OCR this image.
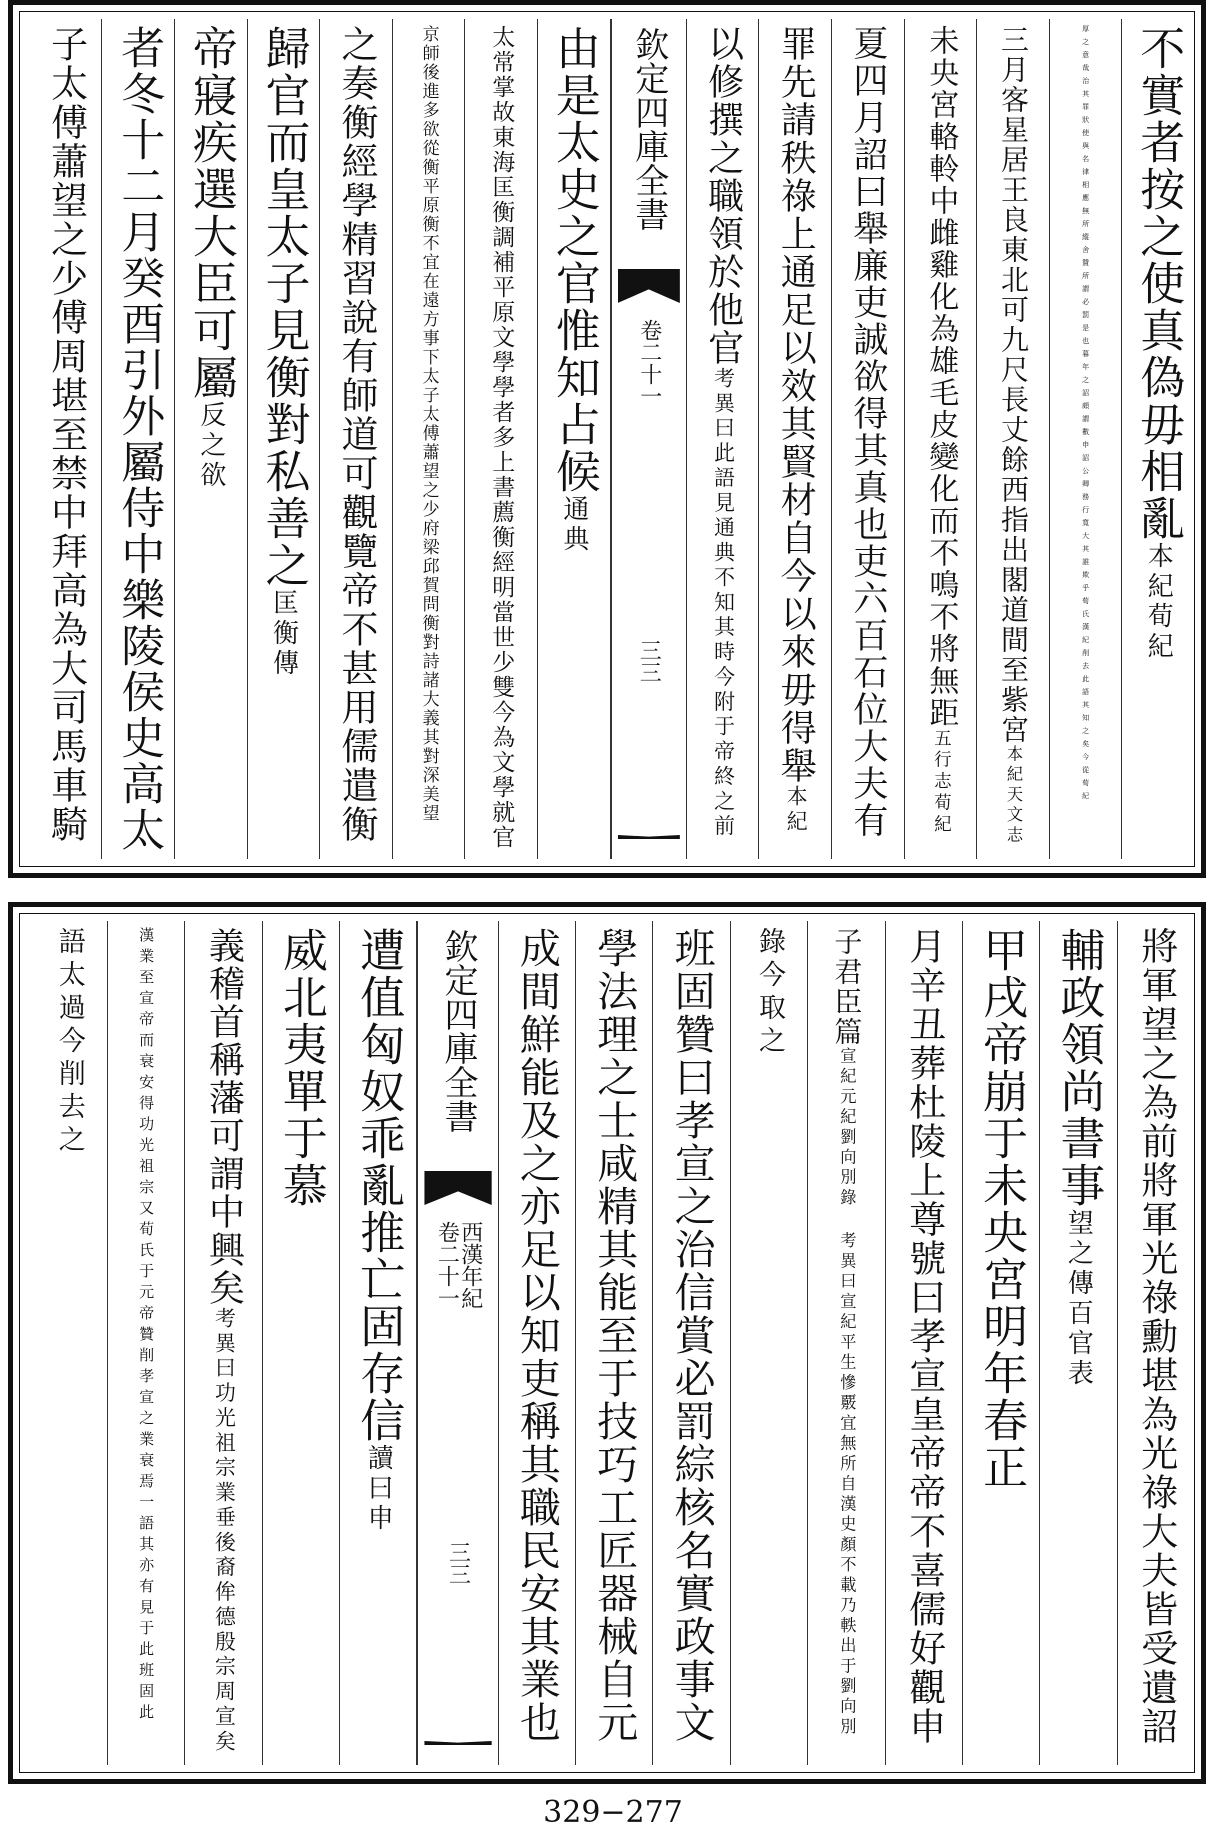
不實者按之使真偽毋相亂本紀荀紀
厚之意哉治其罪狀使與名律相應無所縱舍贊所謂必罰是也暮年之詔頗謂數申詔公卿務行寬大其誰欺乎荀氏漢紀削去此語其知之矣今從荀紀
三月客星居王良東北可九尺長丈餘西指出閣道間至紫宮本紀天文志
未央宮輅軨中雌雞化為雄毛皮變化而不鳴不將無距五行志荀紀
夏四月詔曰舉廉吏誠欲得其真也吏六百石位大夫有
罪先請秩祿上通足以效其賢材自今以來毋得舉本紀
以修撰之職領於他官考異曰此語見通典不知其時今附于帝終之前
欽定四庫全書
卷二十一
三三
由是太史之官惟知占候通典
太常掌故東海匡衡調補平原文學學者多上書薦衡經明當世少雙今為文學就官
京師後進多欲從衡平原衡不宜在遠方事下太子太傅蕭望之少府梁邱賀問衡對詩諸大義其對深美望
之奏衡經學精習說有師道可觀覽帝不甚用儒遣衡
歸官而皇太子見衡對私善之匡衡傳
帝寢疾選大臣可屬反之欲
者冬十二月癸酉引外屬侍中樂陵侯史高太
子太傅蕭望之少傅周堪至禁中拜高為大司馬車騎
將軍望之為前將軍光祿勳堪為光祿大夫皆受遺詔
輔政領尚書事望之傳百官表
甲戌帝崩于未央宮明年春正
月辛丑葬杜陵上尊號曰孝宣皇帝帝不喜儒好觀申
子君臣篇宣紀元紀劉向別錄 考異曰宣紀平生慘覈宜無所自漢史顏不載乃軼出于劉向別
錄今取之
班固贊曰孝宣之治信賞必罰綜核名實政事文
學法理之士咸精其能至于技巧工匠器械自元
成間鮮能及之亦足以知吏稱其職民安其業也
欽定四庫全書
西漢年紀
卷二十一
三三
遭值匈奴乖亂推亡固存信讀曰申
威北夷單于慕
義稽首稱藩可謂中興矣考異曰功光祖宗業垂後裔侔德殷宗周宣矣
漢業至宣帝而衰安得功光祖宗又荀氏于元帝贊削孝宣之業衰焉一語其亦有見于此班固此
語太過今削去之
329−277
